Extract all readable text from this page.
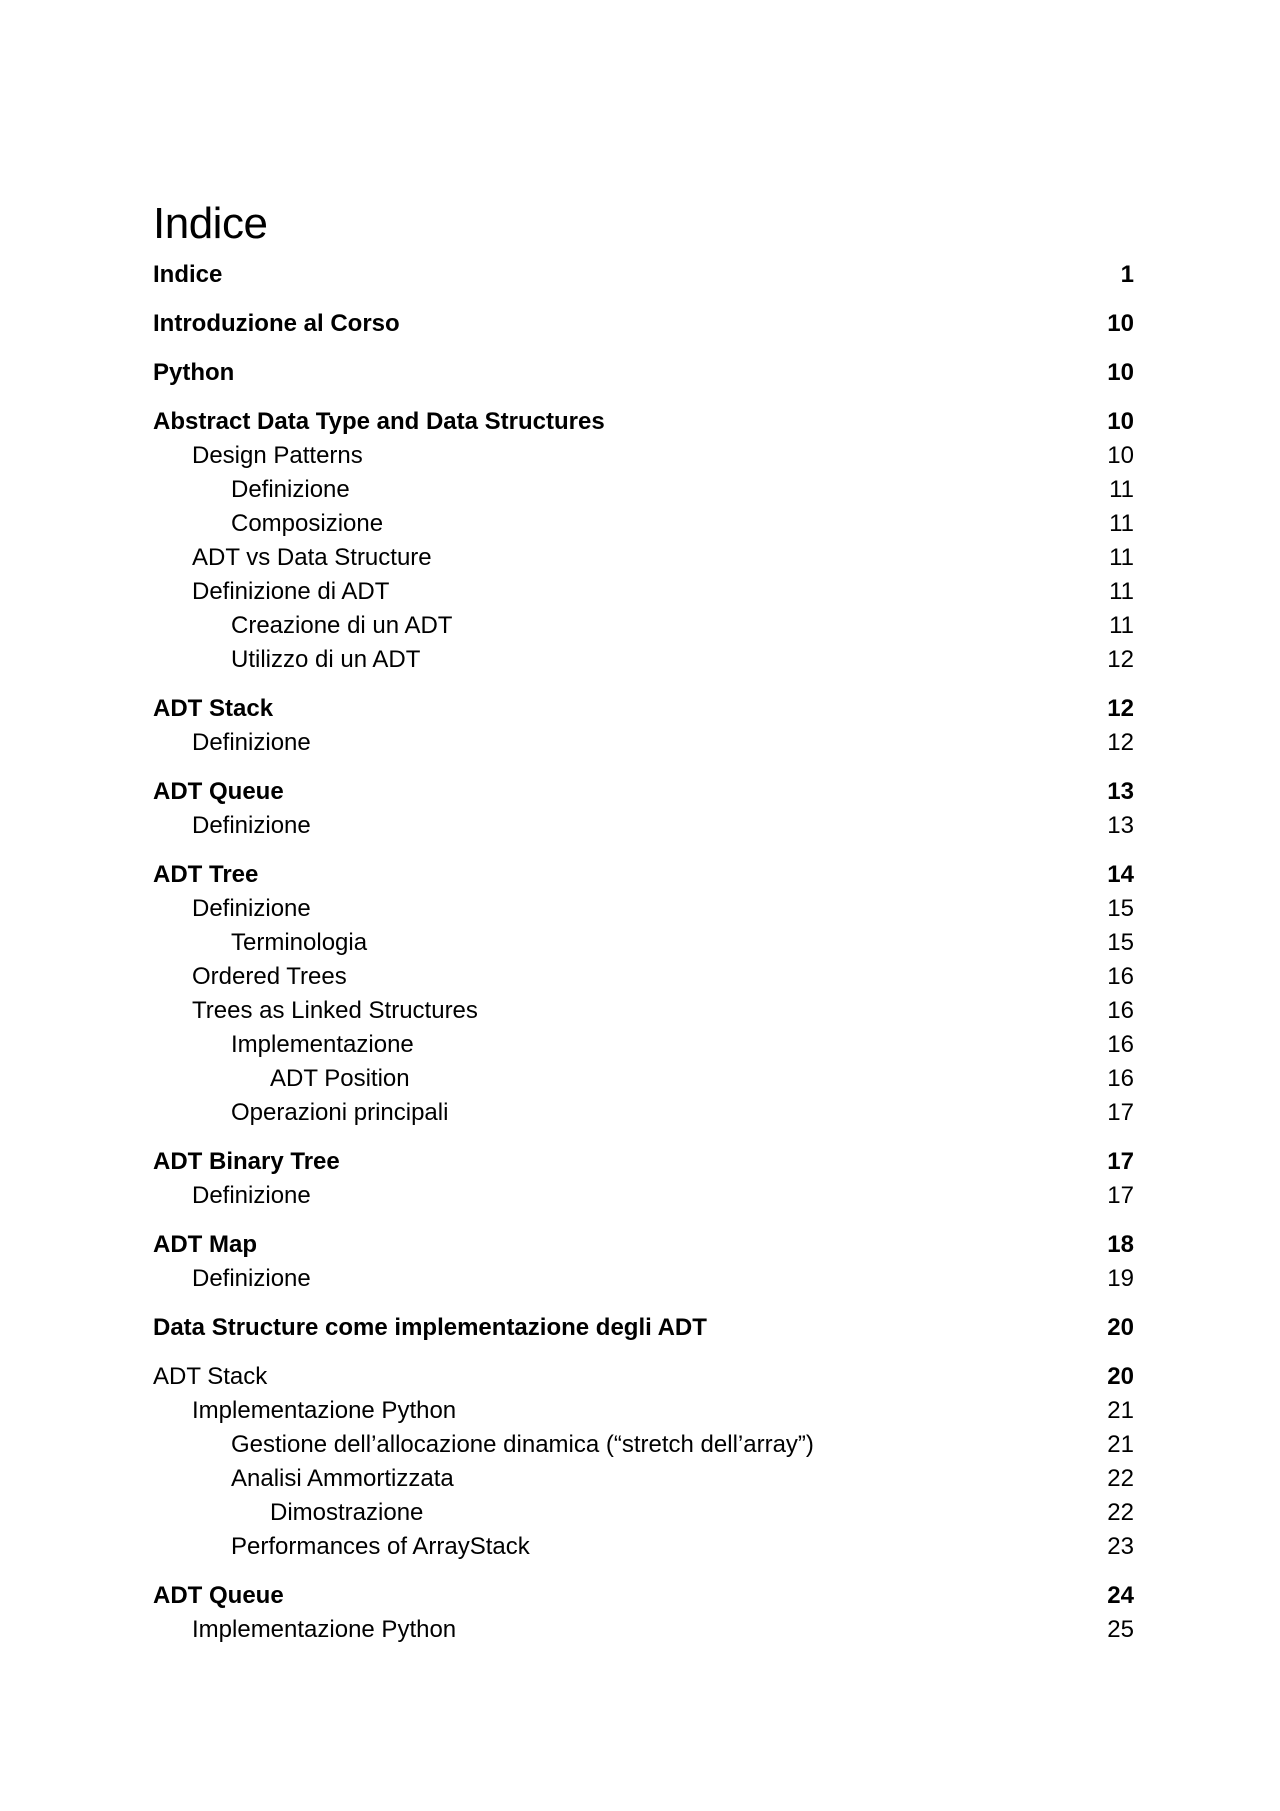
Indice
Indice	1
Introduzione al Corso	10
Python	10
Abstract Data Type and Data Structures	10
Design Patterns	10
Definizione	11
Composizione	11
ADT vs Data Structure	11
Definizione di ADT	11
Creazione di un ADT	11
Utilizzo di un ADT	12
ADT Stack	12
Definizione	12
ADT Queue	13
Definizione	13
ADT Tree	14
Definizione	15
Terminologia	15
Ordered Trees	16
Trees as Linked Structures	16
Implementazione	16
ADT Position	16
Operazioni principali	17
ADT Binary Tree	17
Definizione	17
ADT Map	18
Definizione	19
Data Structure come implementazione degli ADT	20
ADT Stack	20
Implementazione Python	21
Gestione dell’allocazione dinamica (“stretch dell’array”)	21
Analisi Ammortizzata	22
Dimostrazione	22
Performances of ArrayStack	23
ADT Queue	24
Implementazione Python	25
